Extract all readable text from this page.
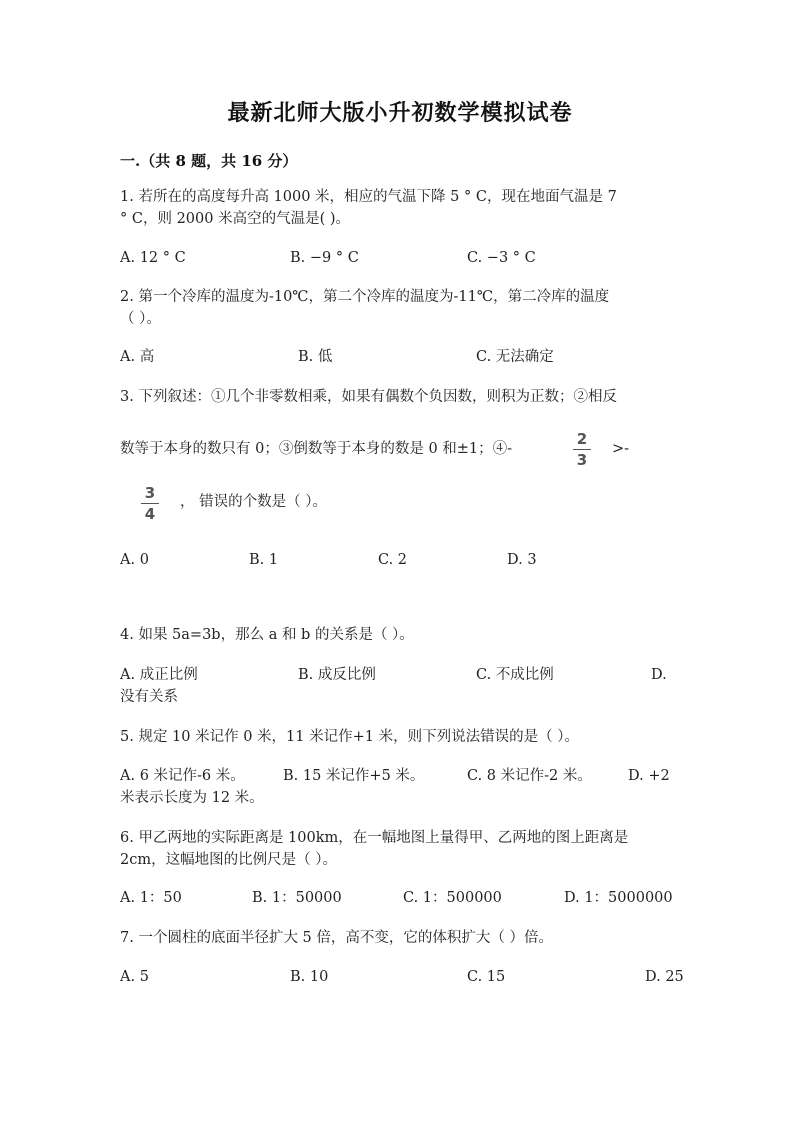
最新北师大版小升初数学模拟试卷
一.（共 8 题，共 16 分）
1. 若所在的高度每升高 1000 米，相应的气温下降 5 ° C，现在地面气温是 7
° C，则 2000 米高空的气温是( )。
A. 12 ° C	B. −9 ° C	C. −3 ° C
2. 第一个冷库的温度为-10℃，第二个冷库的温度为-11℃，第二冷库的温度
（ ）。
A. 高	B. 低	C. 无法确定
3. 下列叙述：①几个非零数相乘，如果有偶数个负因数，则积为正数；②相反
数等于本身的数只有 0；③倒数等于本身的数是 0 和±1；④-
2
3
>-
3
4
， 错误的个数是（ ）。
A. 0	B. 1	C. 2	D. 3
4. 如果 5a=3b，那么 a 和 b 的关系是（ ）。
A. 成正比例	B. 成反比例	C. 不成比例	D.
没有关系
5. 规定 10 米记作 0 米，11 米记作+1 米，则下列说法错误的是（ ）。
A. 6 米记作-6 米。	B. 15 米记作+5 米。	C. 8 米记作-2 米。 D. +2
米表示长度为 12 米。
6. 甲乙两地的实际距离是 100km，在一幅地图上量得甲、乙两地的图上距离是
2cm，这幅地图的比例尺是（ ）。
A. 1：50	B. 1：50000	C. 1：500000	D. 1：5000000
7. 一个圆柱的底面半径扩大 5 倍，高不变，它的体积扩大（ ）倍。
A. 5	B. 10	C. 15	D. 25
